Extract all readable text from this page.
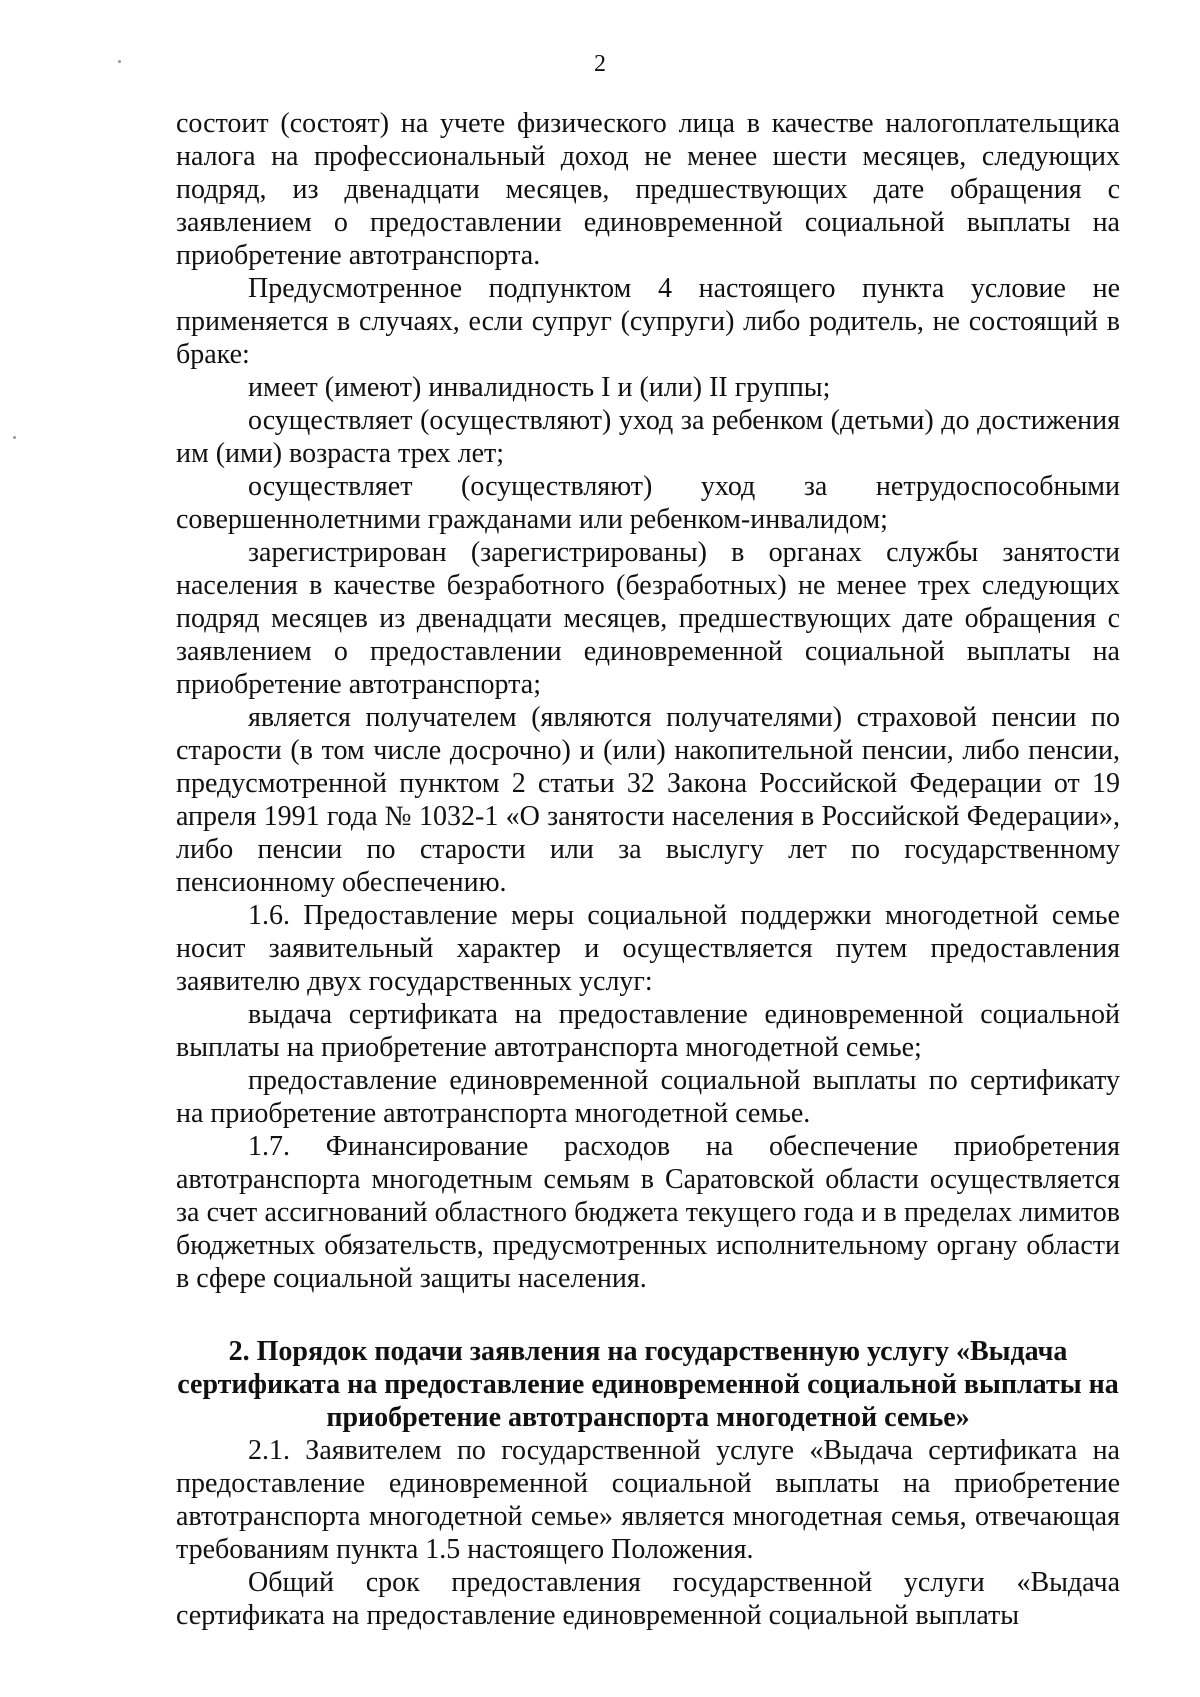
2

состоит (состоят) на учете физического лица в качестве налогоплательщика налога на профессиональный доход не менее шести месяцев, следующих подряд, из двенадцати месяцев, предшествующих дате обращения с заявлением о предоставлении единовременной социальной выплаты на приобретение автотранспорта.

Предусмотренное подпунктом 4 настоящего пункта условие не применяется в случаях, если супруг (супруги) либо родитель, не состоящий в браке:

имеет (имеют) инвалидность I и (или) II группы;

осуществляет (осуществляют) уход за ребенком (детьми) до достижения им (ими) возраста трех лет;

осуществляет (осуществляют) уход за нетрудоспособными совершеннолетними гражданами или ребенком-инвалидом;

зарегистрирован (зарегистрированы) в органах службы занятости населения в качестве безработного (безработных) не менее трех следующих подряд месяцев из двенадцати месяцев, предшествующих дате обращения с заявлением о предоставлении единовременной социальной выплаты на приобретение автотранспорта;

является получателем (являются получателями) страховой пенсии по старости (в том числе досрочно) и (или) накопительной пенсии, либо пенсии, предусмотренной пунктом 2 статьи 32 Закона Российской Федерации от 19 апреля 1991 года № 1032-1 «О занятости населения в Российской Федерации», либо пенсии по старости или за выслугу лет по государственному пенсионному обеспечению.

1.6. Предоставление меры социальной поддержки многодетной семье носит заявительный характер и осуществляется путем предоставления заявителю двух государственных услуг:

выдача сертификата на предоставление единовременной социальной выплаты на приобретение автотранспорта многодетной семье;

предоставление единовременной социальной выплаты по сертификату на приобретение автотранспорта многодетной семье.

1.7. Финансирование расходов на обеспечение приобретения автотранспорта многодетным семьям в Саратовской области осуществляется за счет ассигнований областного бюджета текущего года и в пределах лимитов бюджетных обязательств, предусмотренных исполнительному органу области в сфере социальной защиты населения.

2. Порядок подачи заявления на государственную услугу «Выдача сертификата на предоставление единовременной социальной выплаты на приобретение автотранспорта многодетной семье»

2.1. Заявителем по государственной услуге «Выдача сертификата на предоставление единовременной социальной выплаты на приобретение автотранспорта многодетной семье» является многодетная семья, отвечающая требованиям пункта 1.5 настоящего Положения.

Общий срок предоставления государственной услуги «Выдача сертификата на предоставление единовременной социальной выплаты
